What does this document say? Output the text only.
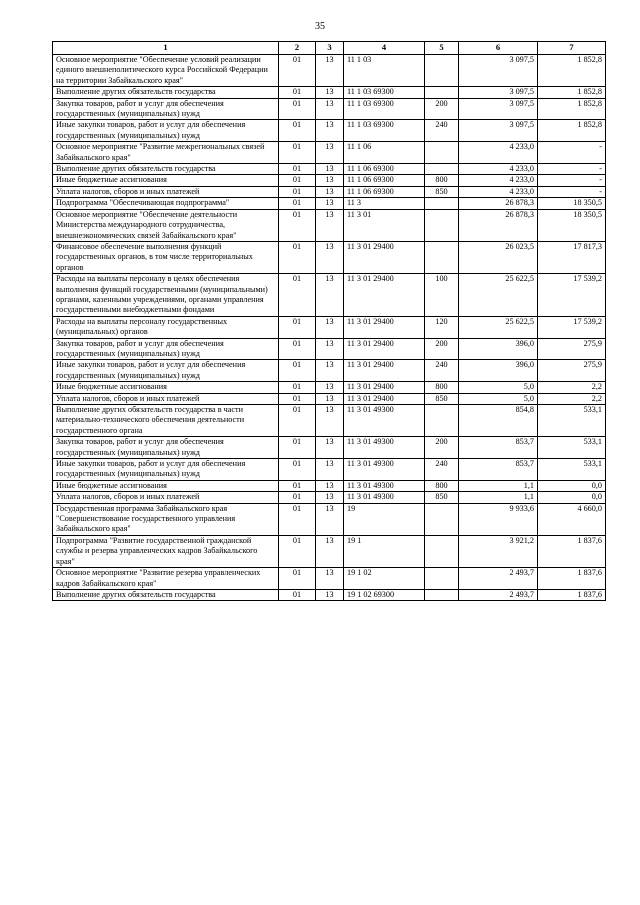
35
1	2	3	4	5	6	7
Основное мероприятие "Обеспечение условий реализации единого внешнеполитического курса Российской Федерации на территории Забайкальского края"	01	13	11 1 03		3 097,5	1 852,8
Выполнение других обязательств государства	01	13	11 1 03 69300		3 097,5	1 852,8
Закупка товаров, работ и услуг для обеспечения государственных (муниципальных) нужд	01	13	11 1 03 69300	200	3 097,5	1 852,8
Иные закупки товаров, работ и услуг для обеспечения государственных (муниципальных) нужд	01	13	11 1 03 69300	240	3 097,5	1 852,8
Основное мероприятие "Развитие межрегиональных связей Забайкальского края"	01	13	11 1 06		4 233,0	-
Выполнение других обязательств государства	01	13	11 1 06 69300		4 233,0	-
Иные бюджетные ассигнования	01	13	11 1 06 69300	800	4 233,0	-
Уплата налогов, сборов и иных платежей	01	13	11 1 06 69300	850	4 233,0	-
Подпрограмма "Обеспечивающая подпрограмма"	01	13	11 3		26 878,3	18 350,5
Основное мероприятие "Обеспечение деятельности Министерства международного сотрудничества, внешнеэкономических связей Забайкальского края"	01	13	11 3 01		26 878,3	18 350,5
Финансовое обеспечение выполнения функций государственных органов, в том числе территориальных органов	01	13	11 3 01 29400		26 023,5	17 817,3
Расходы на выплаты персоналу в целях обеспечения выполнения функций государственными (муниципальными) органами, казенными учреждениями, органами управления государственными внебюджетными фондами	01	13	11 3 01 29400	100	25 622,5	17 539,2
Расходы на выплаты персоналу государственных (муниципальных) органов	01	13	11 3 01 29400	120	25 622,5	17 539,2
Закупка товаров, работ и услуг для обеспечения государственных (муниципальных) нужд	01	13	11 3 01 29400	200	396,0	275,9
Иные закупки товаров, работ и услуг для обеспечения государственных (муниципальных) нужд	01	13	11 3 01 29400	240	396,0	275,9
Иные бюджетные ассигнования	01	13	11 3 01 29400	800	5,0	2,2
Уплата налогов, сборов и иных платежей	01	13	11 3 01 29400	850	5,0	2,2
Выполнение других обязательств государства в части материально-технического обеспечения деятельности государственного органа	01	13	11 3 01 49300		854,8	533,1
Закупка товаров, работ и услуг для обеспечения государственных (муниципальных) нужд	01	13	11 3 01 49300	200	853,7	533,1
Иные закупки товаров, работ и услуг для обеспечения государственных (муниципальных) нужд	01	13	11 3 01 49300	240	853,7	533,1
Иные бюджетные ассигнования	01	13	11 3 01 49300	800	1,1	0,0
Уплата налогов, сборов и иных платежей	01	13	11 3 01 49300	850	1,1	0,0
Государственная программа Забайкальского края "Совершенствование государственного управления Забайкальского края"	01	13	19		9 933,6	4 660,0
Подпрограмма "Развитие государственной гражданской службы и резерва управленческих кадров Забайкальского края"	01	13	19 1		3 921,2	1 837,6
Основное мероприятие "Развитие резерва управленческих кадров Забайкальского края"	01	13	19 1 02		2 493,7	1 837,6
Выполнение других обязательств государства	01	13	19 1 02 69300		2 493,7	1 837,6
